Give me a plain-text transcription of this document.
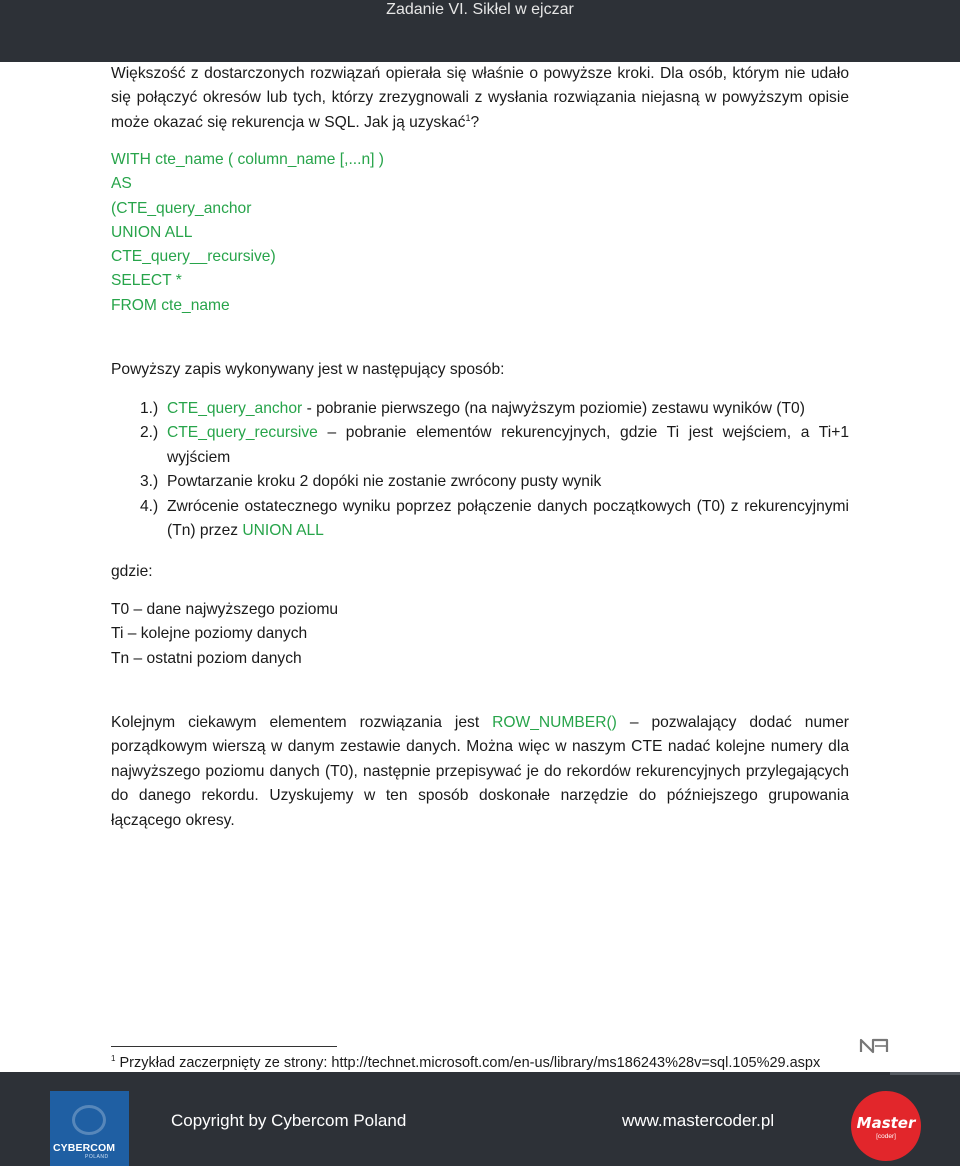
Zadanie VI. Sikłel w ejczar

Większość z dostarczonych rozwiązań opierała się właśnie o powyższe kroki. Dla osób, którym nie udało się połączyć okresów lub tych, którzy zrezygnowali z wysłania rozwiązania niejasną w powyższym opisie może okazać się rekurencja w SQL. Jak ją uzyskać$^1$?

WITH cte_name ( column_name [,...n] )
AS
(CTE_query_anchor
UNION ALL
CTE_query__recursive)
SELECT *
FROM cte_name

Powyższy zapis wykonywany jest w następujący sposób:

1.) CTE_query_anchor - pobranie pierwszego (na najwyższym poziomie) zestawu wyników (T0)
2.) CTE_query_recursive – pobranie elementów rekurencyjnych, gdzie Ti jest wejściem, a Ti+1 wyjściem
3.) Powtarzanie kroku 2 dopóki nie zostanie zwrócony pusty wynik
4.) Zwrócenie ostatecznego wyniku poprzez połączenie danych początkowych (T0) z rekurencyjnymi (Tn) przez UNION ALL

gdzie:

T0 – dane najwyższego poziomu
Ti – kolejne poziomy danych
Tn – ostatni poziom danych

Kolejnym ciekawym elementem rozwiązania jest ROW_NUMBER() – pozwalający dodać numer porządkowym wierszą w danym zestawie danych. Można więc w naszym CTE nadać kolejne numery dla najwyższego poziomu danych (T0), następnie przepisywać je do rekordów rekurencyjnych przylegających do danego rekordu. Uzyskujemy w ten sposób doskonałe narzędzie do późniejszego grupowania łączącego okresy.

$^1$ Przykład zaczerpnięty ze strony: http://technet.microsoft.com/en-us/library/ms186243%28v=sql.105%29.aspx

CYBERCOM
POLAND
Copyright by Cybercom Poland	www.mastercoder.pl	Master
[coder]
